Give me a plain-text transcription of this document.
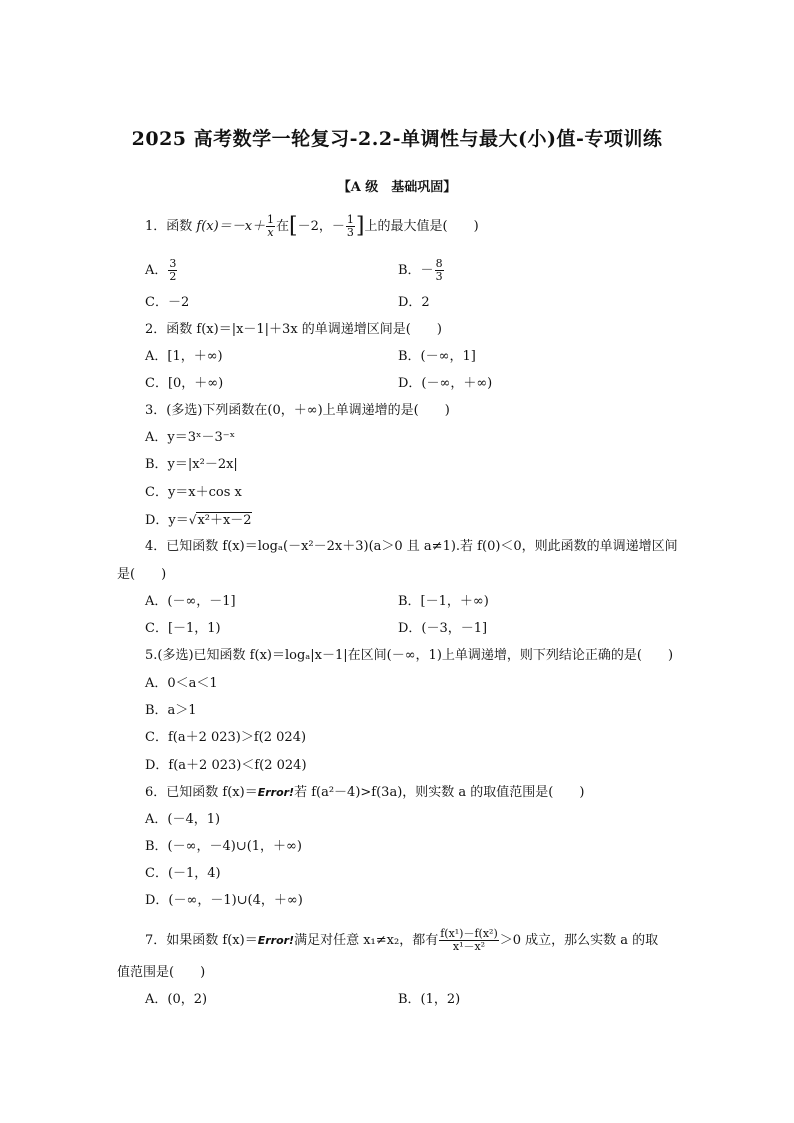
2025 高考数学一轮复习-2.2-单调性与最大(小)值-专项训练
【A 级　基础巩固】
1．函数 $f(x)=-x+ \frac{1}{x}$ 在[－2，－ $\frac{1}{3}$ ]上的最大值是(　　)
A． $\frac{3}{2}$	B．－ $\frac{8}{3}$
C．－2	D．2
2．函数 f(x)＝|x－1|＋3x 的单调递增区间是(　　)
A．[1，＋∞)	B．(－∞，1]
C．[0，＋∞)	D．(－∞，＋∞)
3．(多选)下列函数在(0，＋∞)上单调递增的是(　　)
A．y＝3ˣ－3⁻ˣ
B．y＝|x²－2x|
C．y＝x＋cos x
D．y＝√x²＋x－2
4．已知函数 f(x)＝logₐ(－x²－2x＋3)(a＞0 且 a≠1).若 f(0)＜0，则此函数的单调递增区间
是(　　)
A．(－∞，－1]	B．[－1，＋∞)
C．[－1，1)	D．(－3，－1]
5.(多选)已知函数 f(x)＝logₐ|x－1|在区间(－∞，1)上单调递增，则下列结论正确的是(　　)
A．0＜a＜1
B．a＞1
C．f(a＋2 023)＞f(2 024)
D．f(a＋2 023)＜f(2 024)
6．已知函数 f(x)＝Error!若 f(a²－4)>f(3a)，则实数 a 的取值范围是(　　)
A．(－4，1)
B．(－∞，－4)∪(1，＋∞)
C．(－1，4)
D．(－∞，－1)∪(4，＋∞)
7．如果函数 f(x)＝Error!满足对任意 x₁≠x₂，都有 $\frac{\text{f(x¹)－f(x²)}}{\text{x¹－x²}} >0$ 成立，那么实数 a 的取
值范围是(　　)
A．(0，2)	B．(1，2)
